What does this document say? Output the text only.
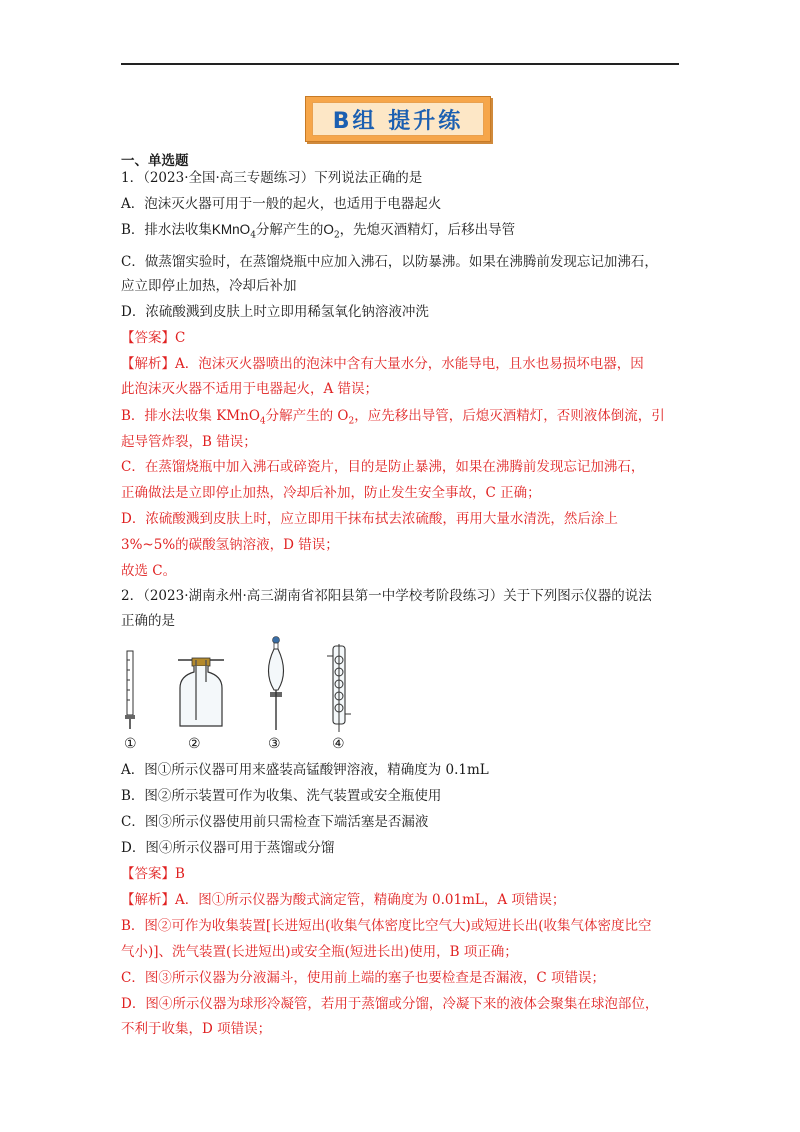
B组 提升练
一、单选题
1．（2023·全国·高三专题练习）下列说法正确的是
A．泡沫灭火器可用于一般的起火，也适用于电器起火
B．排水法收集KMnO$_4$分解产生的$O_2$，先熄灭酒精灯，后移出导管
C．做蒸馏实验时，在蒸馏烧瓶中应加入沸石，以防暴沸。如果在沸腾前发现忘记加沸石，
应立即停止加热，冷却后补加
D．浓硫酸溅到皮肤上时立即用稀氢氧化钠溶液冲洗
【答案】C
【解析】A．泡沫灭火器喷出的泡沫中含有大量水分，水能导电，且水也易损坏电器，因
此泡沫灭火器不适用于电器起火，A 错误；
B．排水法收集 KMnO$_4$分解产生的 $O_2$，应先移出导管，后熄灭酒精灯，否则液体倒流，引
起导管炸裂，B 错误；
C．在蒸馏烧瓶中加入沸石或碎瓷片，目的是防止暴沸，如果在沸腾前发现忘记加沸石，
正确做法是立即停止加热，冷却后补加，防止发生安全事故，C 正确；
D．浓硫酸溅到皮肤上时，应立即用干抹布拭去浓硫酸，再用大量水清洗，然后涂上
3%~5%的碳酸氢钠溶液，D 错误；
故选 C。
2．（2023·湖南永州·高三湖南省祁阳县第一中学校考阶段练习）关于下列图示仪器的说法
正确的是
A．图①所示仪器可用来盛装高锰酸钾溶液，精确度为 0.1mL
B．图②所示装置可作为收集、洗气装置或安全瓶使用
C．图③所示仪器使用前只需检查下端活塞是否漏液
D．图④所示仪器可用于蒸馏或分馏
【答案】B
【解析】A．图①所示仪器为酸式滴定管，精确度为 0.01mL，A 项错误；
B．图②可作为收集装置[长进短出(收集气体密度比空气大)或短进长出(收集气体密度比空
气小)]、洗气装置(长进短出)或安全瓶(短进长出)使用，B 项正确；
C．图③所示仪器为分液漏斗，使用前上端的塞子也要检查是否漏液，C 项错误；
D．图④所示仪器为球形冷凝管，若用于蒸馏或分馏，冷凝下来的液体会聚集在球泡部位，
不利于收集，D 项错误；
①	②	③	④
